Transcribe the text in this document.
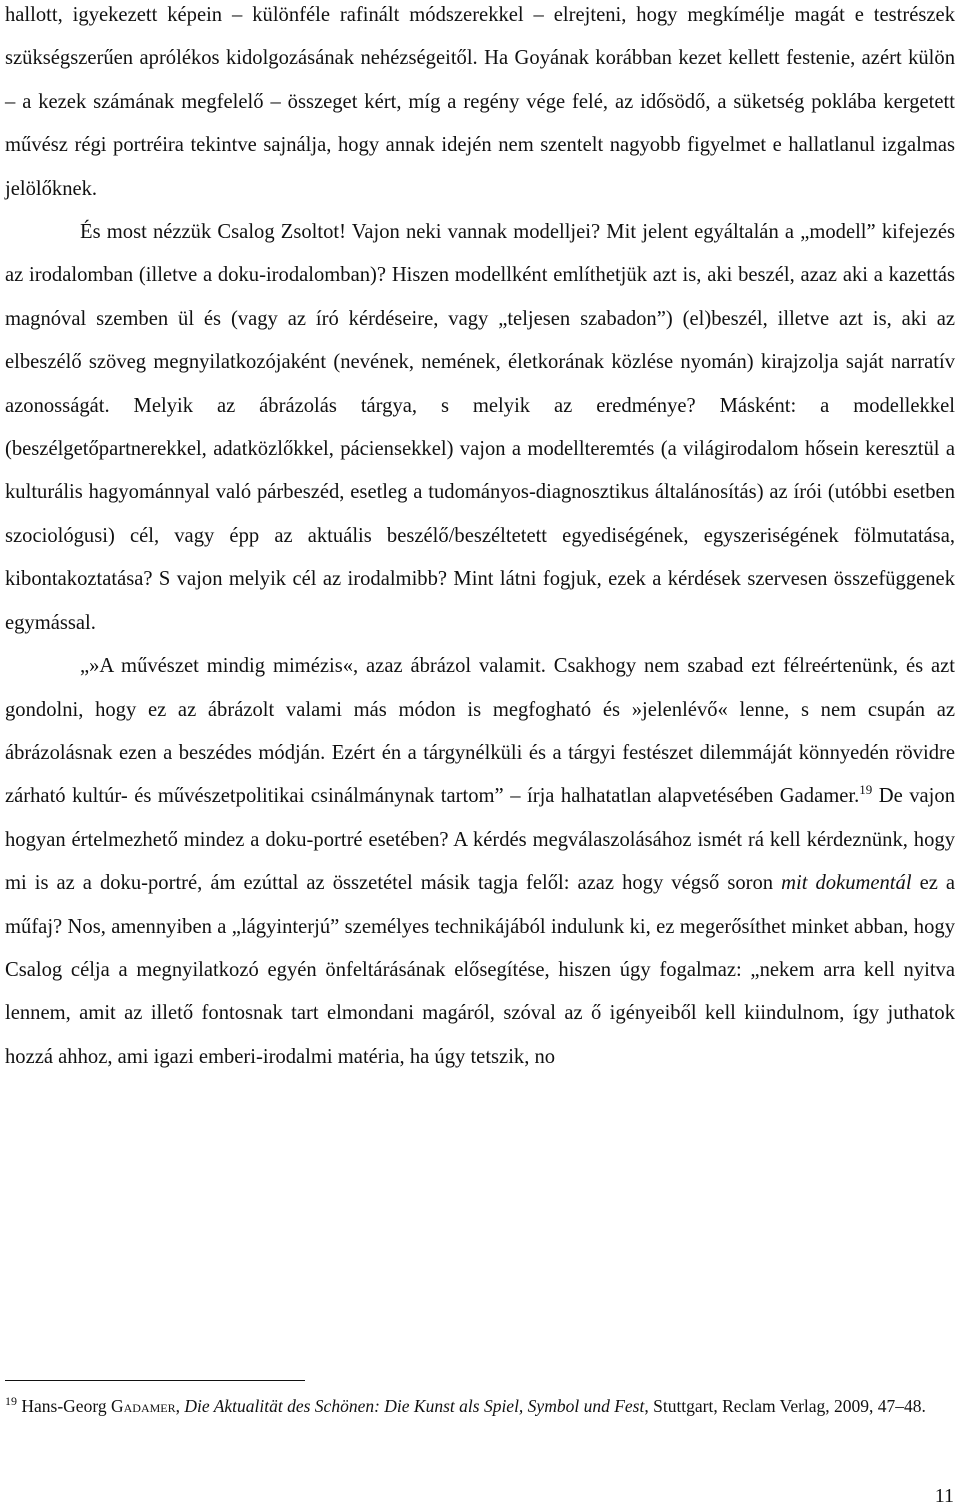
hallott, igyekezett képein – különféle rafinált módszerekkel – elrejteni, hogy megkímélje magát e testrészek szükségszerűen aprólékos kidolgozásának nehézségeitől. Ha Goyának korábban kezet kellett festenie, azért külön – a kezek számának megfelelő – összeget kért, míg a regény vége felé, az idősödő, a süketség poklába kergetett művész régi portréira tekintve sajnálja, hogy annak idején nem szentelt nagyobb figyelmet e hallatlanul izgalmas jelölőknek.

És most nézzük Csalog Zsoltot! Vajon neki vannak modelljei? Mit jelent egyáltalán a „modell” kifejezés az irodalomban (illetve a doku-irodalomban)? Hiszen modellként említhetjük azt is, aki beszél, azaz aki a kazettás magnóval szemben ül és (vagy az író kérdéseire, vagy „teljesen szabadon”) (el)beszél, illetve azt is, aki az elbeszélő szöveg megnyilatkozójaként (nevének, nemének, életkorának közlése nyomán) kirajzolja saját narratív azonosságát. Melyik az ábrázolás tárgya, s melyik az eredménye? Másként: a modellekkel (beszélgetőpartnerekkel, adatközlőkkel, páciensekkel) vajon a modellteremtés (a világirodalom hősein keresztül a kulturális hagyománnyal való párbeszéd, esetleg a tudományos-diagnosztikus általánosítás) az írói (utóbbi esetben szociológusi) cél, vagy épp az aktuális beszélő/beszéltetett egyediségének, egyszeriségének fölmutatása, kibontakoztatása? S vajon melyik cél az irodalmibb? Mint látni fogjuk, ezek a kérdések szervesen összefüggenek egymással.

„»A művészet mindig mimézis«, azaz ábrázol valamit. Csakhogy nem szabad ezt félreértenünk, és azt gondolni, hogy ez az ábrázolt valami más módon is megfogható és »jelenlévő« lenne, s nem csupán az ábrázolásnak ezen a beszédes módján. Ezért én a tárgynélküli és a tárgyi festészet dilemmáját könnyedén rövidre zárható kultúr- és művészetpolitikai csinálmánynak tartom” – írja halhatatlan alapvetésében Gadamer.$^{19}$ De vajon hogyan értelmezhető mindez a doku-portré esetében? A kérdés megválaszolásához ismét rá kell kérdeznünk, hogy mi is az a doku-portré, ám ezúttal az összetétel másik tagja felől: azaz hogy végső soron mit dokumentál ez a műfaj? Nos, amennyiben a „lágyinterjú” személyes technikájából indulunk ki, ez megerősíthet minket abban, hogy Csalog célja a megnyilatkozó egyén önfeltárásának elősegítése, hiszen úgy fogalmaz: „nekem arra kell nyitva lennem, amit az illető fontosnak tart elmondani magáról, szóval az ő igényeiből kell kiindulnom, így juthatok hozzá ahhoz, ami igazi emberi-irodalmi matéria, ha úgy tetszik, no

$^{19}$ Hans-Georg Gadamer, Die Aktualität des Schönen: Die Kunst als Spiel, Symbol und Fest, Stuttgart, Reclam Verlag, 2009, 47–48.

11
